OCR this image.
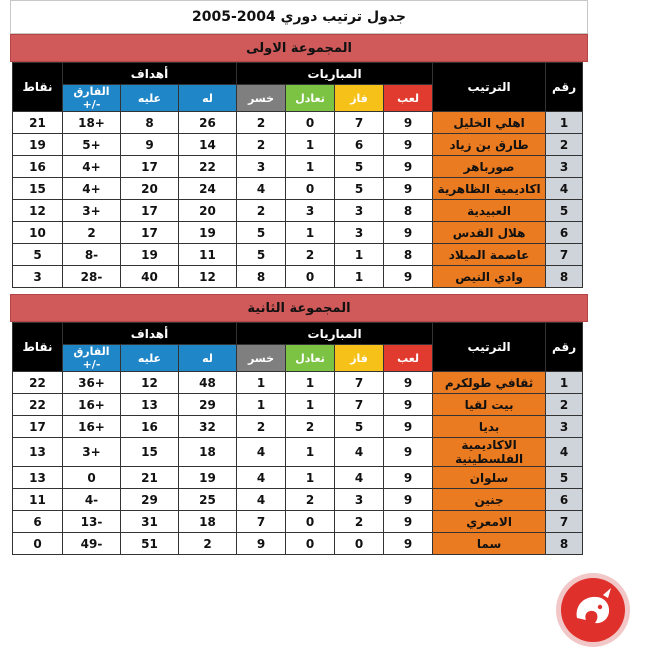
جدول ترتيب دوري 2004-2005
المجموعة الاولى
نقاط	أهداف			المباريات				الترتيب	رقم
	الفارق +/-	عليه	له	خسر	تعادل	فاز	لعب		
21	18+	8	26	2	0	7	9	اهلي الخليل	1
19	5+	9	14	2	1	6	9	طارق بن زياد	2
16	4+	17	22	3	1	5	9	صورباهر	3
15	4+	20	24	4	0	5	9	اكاديمية الظاهرية	4
12	3+	17	20	2	3	3	8	العبيدية	5
10	2	17	19	5	1	3	9	هلال القدس	6
5	8-	19	11	5	2	1	8	عاصمة الميلاد	7
3	28-	40	12	8	0	1	9	وادي النيص	8
المجموعة الثانية
نقاط	أهداف			المباريات				الترتيب	رقم
	الفارق +/-	عليه	له	خسر	تعادل	فاز	لعب		
22	36+	12	48	1	1	7	9	ثقافي طولكرم	1
22	16+	13	29	1	1	7	9	بيت لقيا	2
17	16+	16	32	2	2	5	9	بديا	3
13	3+	15	18	4	1	4	9	الاكاديمية الفلسطينية	4
13	0	21	19	4	1	4	9	سلوان	5
11	4-	29	25	4	2	3	9	جنين	6
6	13-	31	18	7	0	2	9	الامعري	7
0	49-	51	2	9	0	0	9	سما	8
